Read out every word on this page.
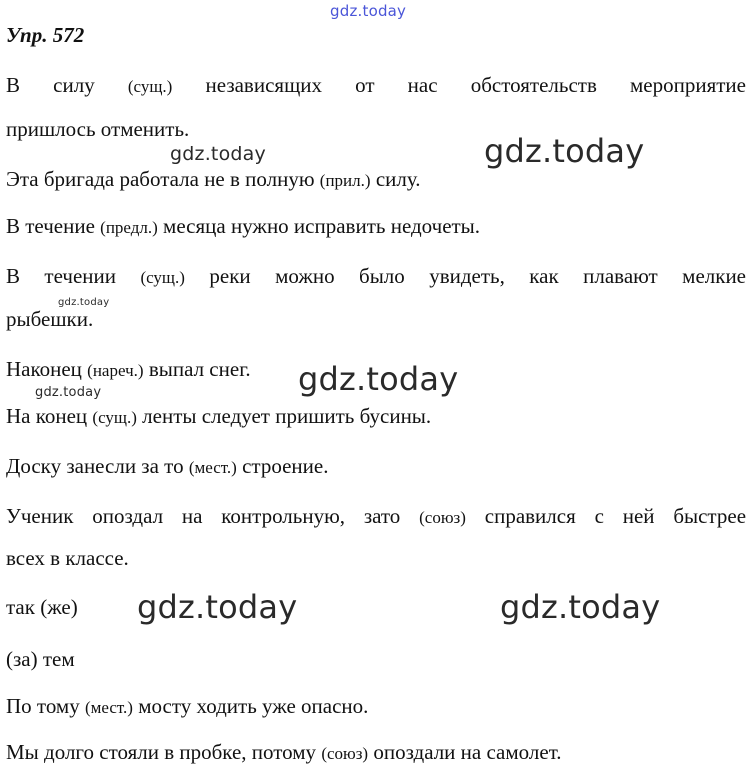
gdz.today
Упр. 572
В силу (сущ.) независящих от нас обстоятельств мероприятие
пришлось отменить.
Эта бригада работала не в полную (прил.) силу.
В течение (предл.) месяца нужно исправить недочеты.
В течении (сущ.) реки можно было увидеть, как плавают мелкие
рыбешки.
Наконец (нареч.) выпал снег.
На конец (сущ.) ленты следует пришить бусины.
Доску занесли за то (мест.) строение.
Ученик опоздал на контрольную, зато (союз) справился с ней быстрее
всех в классе.
так (же)
(за) тем
По тому (мест.) мосту ходить уже опасно.
Мы долго стояли в пробке, потому (союз) опоздали на самолет.
gdz.today	gdz.today
gdz.today
gdz.today
gdz.today
gdz.today	gdz.today
